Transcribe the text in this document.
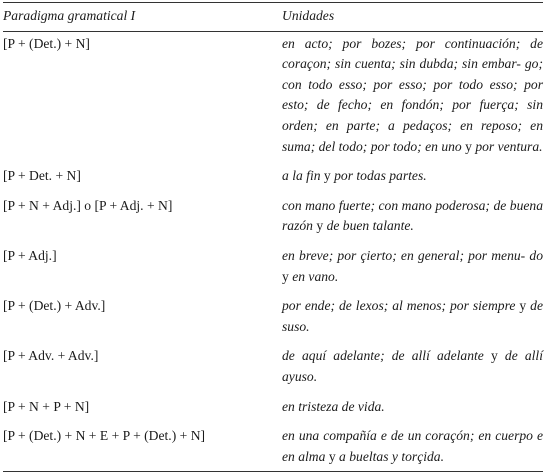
Paradigma gramatical I	Unidades
[P + (Det.) + N]	en acto; por bozes; por continuación; de coraçon; sin cuenta; sin dubda; sin embar- go; con todo esso; por esso; por todo esso; por esto; de fecho; en fondón; por fuerça; sin orden; en parte; a pedaços; en reposo; en suma; del todo; por todo; en uno y por ventura.
[P + Det. + N]	a la fin y por todas partes.
[P + N + Adj.] o [P + Adj. + N]	con mano fuerte; con mano poderosa; de buena razón y de buen talante.
[P + Adj.]	en breve; por çierto; en general; por menu- do y en vano.
[P + (Det.) + Adv.]	por ende; de lexos; al menos; por siempre y de suso.
[P + Adv. + Adv.]	de aquí adelante; de allí adelante y de allí ayuso.
[P + N + P + N]	en tristeza de vida.
[P + (Det.) + N + E + P + (Det.) + N]	en una compañía e de un coraçón; en cuerpo e en alma y a bueltas y torçida.
